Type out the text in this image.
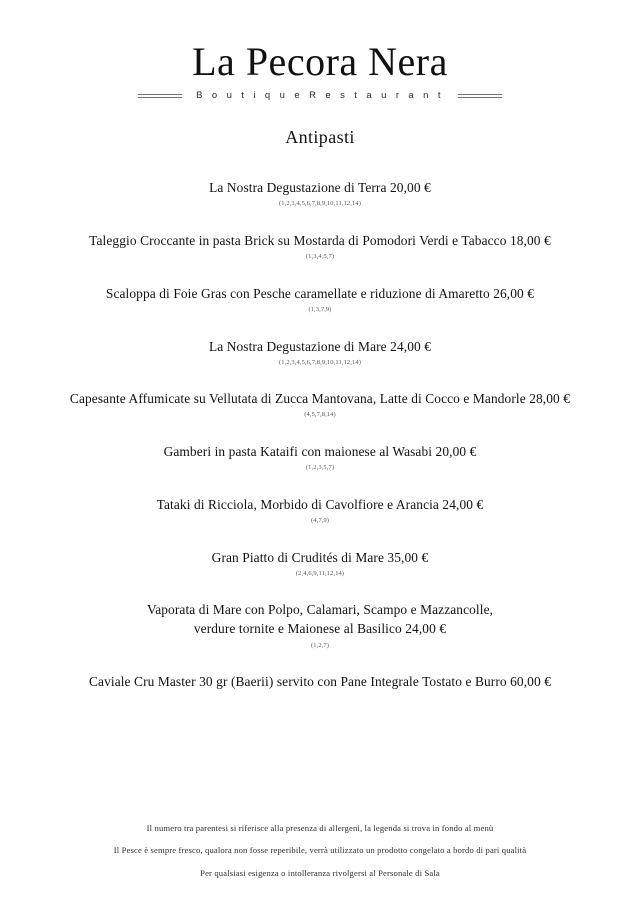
La Pecora Nera
B o u t i q u e R e s t a u r a n t
Antipasti
La Nostra Degustazione di Terra 20,00 €
(1,2,3,4,5,6,7,8,9,10,11,12,14)
Taleggio Croccante in pasta Brick su Mostarda di Pomodori Verdi e Tabacco 18,00 €
(1,3,4,5,7)
Scaloppa di Foie Gras con Pesche caramellate e riduzione di Amaretto 26,00 €
(1,3,7,9)
La Nostra Degustazione di Mare 24,00 €
(1,2,3,4,5,6,7,8,9,10,11,12,14)
Capesante Affumicate su Vellutata di Zucca Mantovana, Latte di Cocco e Mandorle 28,00 €
(4,5,7,8,14)
Gamberi in pasta Kataifi con maionese al Wasabi 20,00 €
(1,2,3,5,7)
Tataki di Ricciola, Morbido di Cavolfiore e Arancia 24,00 €
(4,7,9)
Gran Piatto di Crudités di Mare 35,00 €
(2,4,6,9,11,12,14)
Vaporata di Mare con Polpo, Calamari, Scampo e Mazzancolle,
verdure tornite e Maionese al Basilico 24,00 €
(1,2,7)
Caviale Cru Master 30 gr (Baerii) servito con Pane Integrale Tostato e Burro 60,00 €
Il numero tra parentesi si riferisce alla presenza di allergeni, la legenda si trova in fondo al menù
Il Pesce è sempre fresco, qualora non fosse reperibile, verrà utilizzato un prodotto congelato a bordo di pari qualità
Per qualsiasi esigenza o intolleranza rivolgersi al Personale di Sala
